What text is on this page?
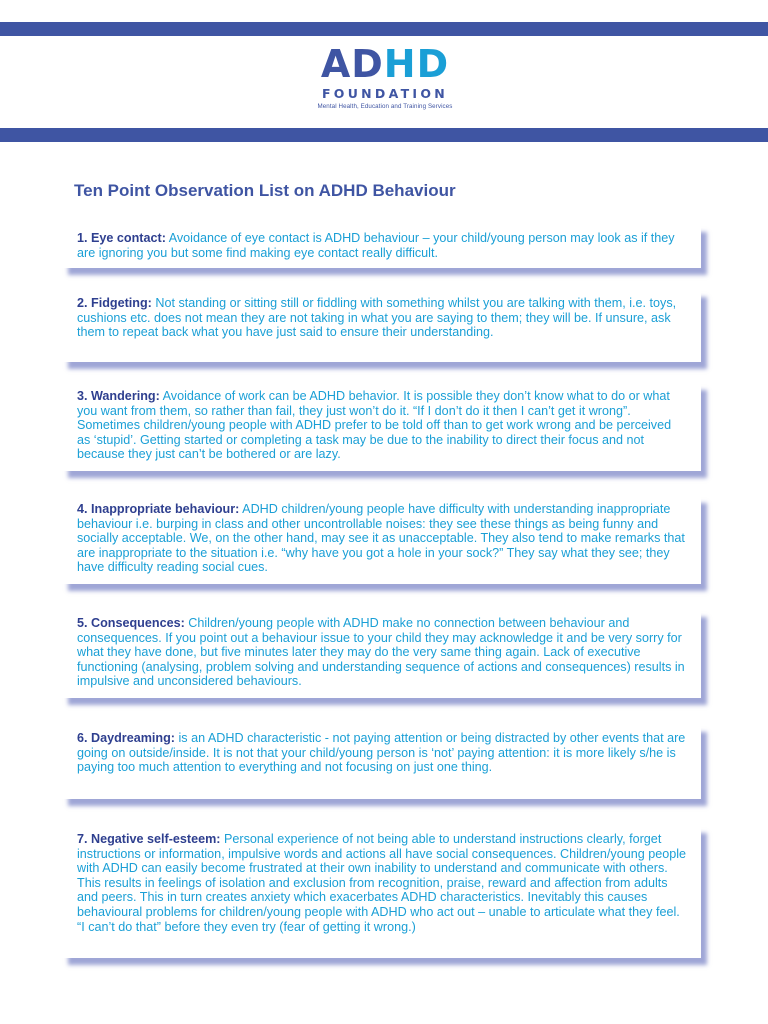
ADHD
FOUNDATION
Mental Health, Education and Training Services
Ten Point Observation List on ADHD Behaviour
1. Eye contact: Avoidance of eye contact is ADHD behaviour – your child/young person may look as if they are ignoring you but some find making eye contact really difficult.
2. Fidgeting: Not standing or sitting still or fiddling with something whilst you are talking with them, i.e. toys, cushions etc. does not mean they are not taking in what you are saying to them; they will be. If unsure, ask them to repeat back what you have just said to ensure their understanding.
3. Wandering: Avoidance of work can be ADHD behavior. It is possible they don’t know what to do or what you want from them, so rather than fail, they just won’t do it. “If I don’t do it then I can’t get it wrong”. Sometimes children/young people with ADHD prefer to be told off than to get work wrong and be perceived as ‘stupid’. Getting started or completing a task may be due to the inability to direct their focus and not because they just can’t be bothered or are lazy.
4. Inappropriate behaviour: ADHD children/young people have difficulty with understanding inappropriate behaviour i.e. burping in class and other uncontrollable noises: they see these things as being funny and socially acceptable. We, on the other hand, may see it as unacceptable. They also tend to make remarks that are inappropriate to the situation i.e. “why have you got a hole in your sock?” They say what they see; they have difficulty reading social cues.
5. Consequences: Children/young people with ADHD make no connection between behaviour and consequences. If you point out a behaviour issue to your child they may acknowledge it and be very sorry for what they have done, but five minutes later they may do the very same thing again. Lack of executive functioning (analysing, problem solving and understanding sequence of actions and consequences) results in impulsive and unconsidered behaviours.
6. Daydreaming: is an ADHD characteristic - not paying attention or being distracted by other events that are going on outside/inside. It is not that your child/young person is ‘not’ paying attention: it is more likely s/he is paying too much attention to everything and not focusing on just one thing.
7. Negative self-esteem: Personal experience of not being able to understand instructions clearly, forget instructions or information, impulsive words and actions all have social consequences. Children/young people with ADHD can easily become frustrated at their own inability to understand and communicate with others. This results in feelings of isolation and exclusion from recognition, praise, reward and affection from adults and peers. This in turn creates anxiety which exacerbates ADHD characteristics. Inevitably this causes behavioural problems for children/young people with ADHD who act out – unable to articulate what they feel. “I can’t do that” before they even try (fear of getting it wrong.)
